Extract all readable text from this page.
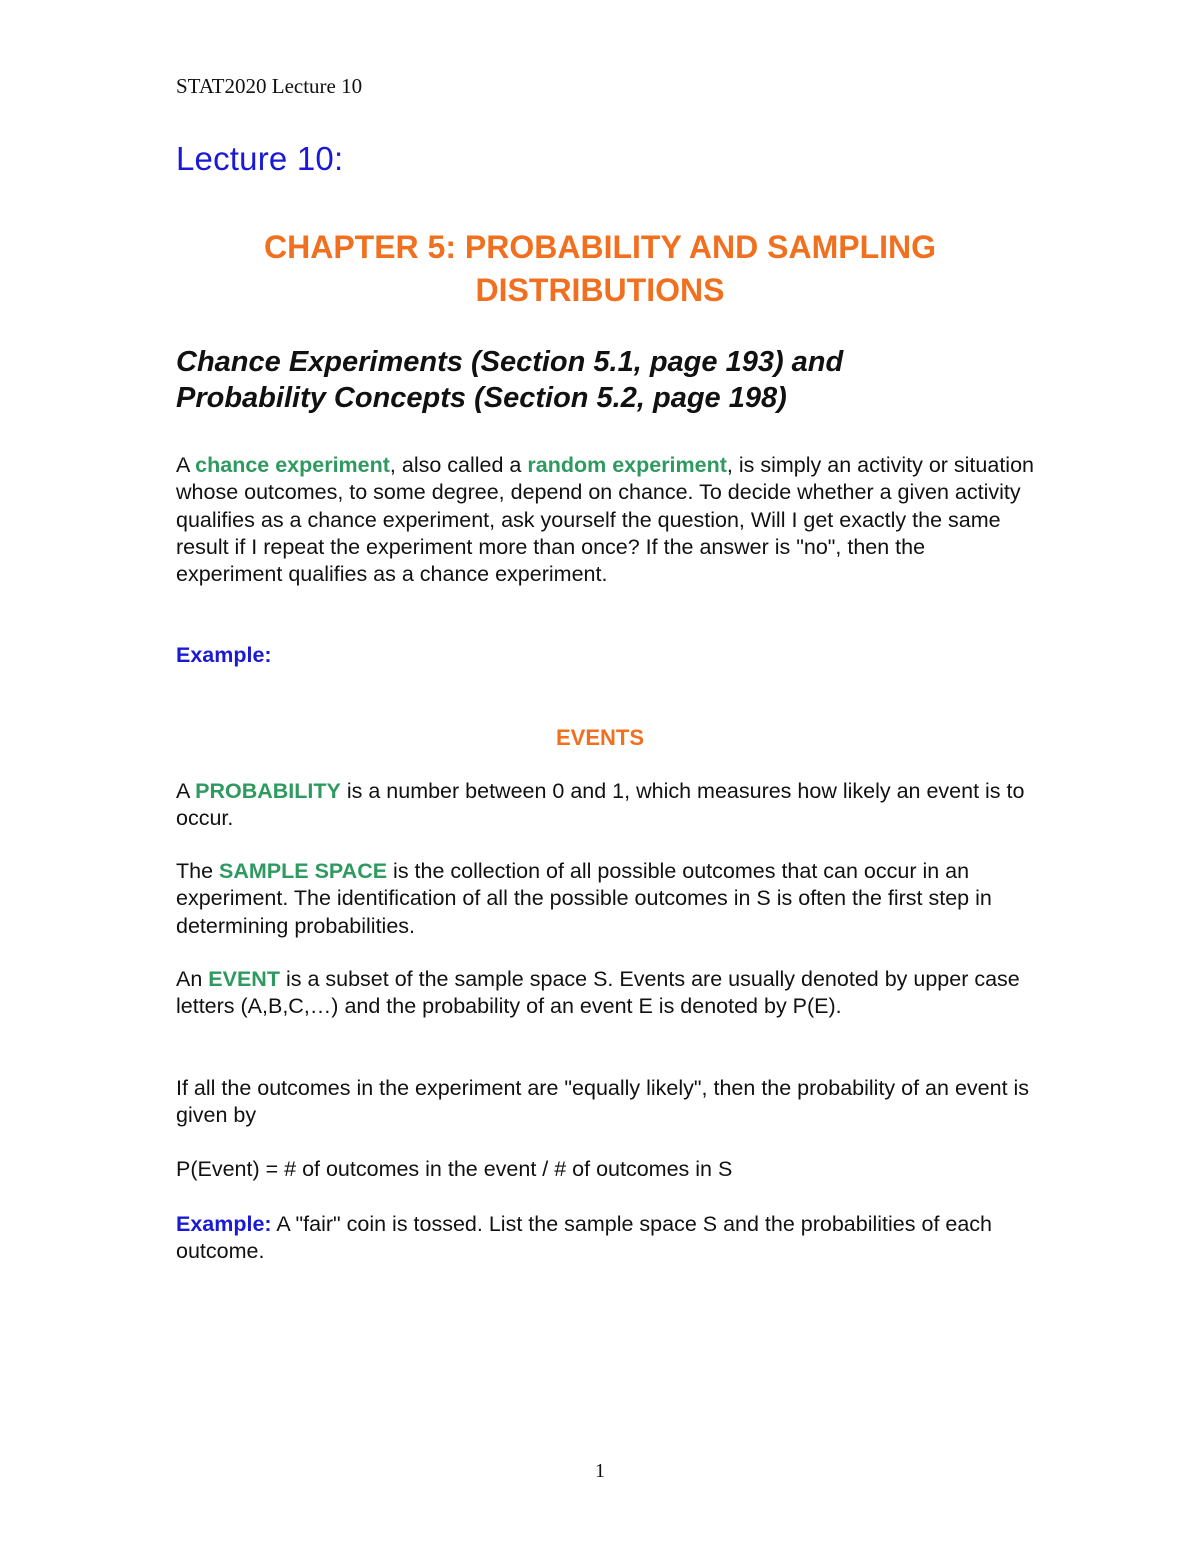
STAT2020 Lecture 10
Lecture 10:
CHAPTER 5: PROBABILITY AND SAMPLING DISTRIBUTIONS
Chance Experiments (Section 5.1, page 193) and
Probability Concepts (Section 5.2, page 198)
A chance experiment, also called a random experiment, is simply an activity or situation whose outcomes, to some degree, depend on chance. To decide whether a given activity qualifies as a chance experiment, ask yourself the question, Will I get exactly the same result if I repeat the experiment more than once? If the answer is "no", then the experiment qualifies as a chance experiment.
Example:
EVENTS
A PROBABILITY is a number between 0 and 1, which measures how likely an event is to occur.
The SAMPLE SPACE is the collection of all possible outcomes that can occur in an experiment. The identification of all the possible outcomes in S is often the first step in determining probabilities.
An EVENT is a subset of the sample space S. Events are usually denoted by upper case letters (A,B,C,…) and the probability of an event E is denoted by P(E).
If all the outcomes in the experiment are "equally likely", then the probability of an event is given by
P(Event) = # of outcomes in the event / # of outcomes in S
Example: A "fair" coin is tossed. List the sample space S and the probabilities of each outcome.
1
